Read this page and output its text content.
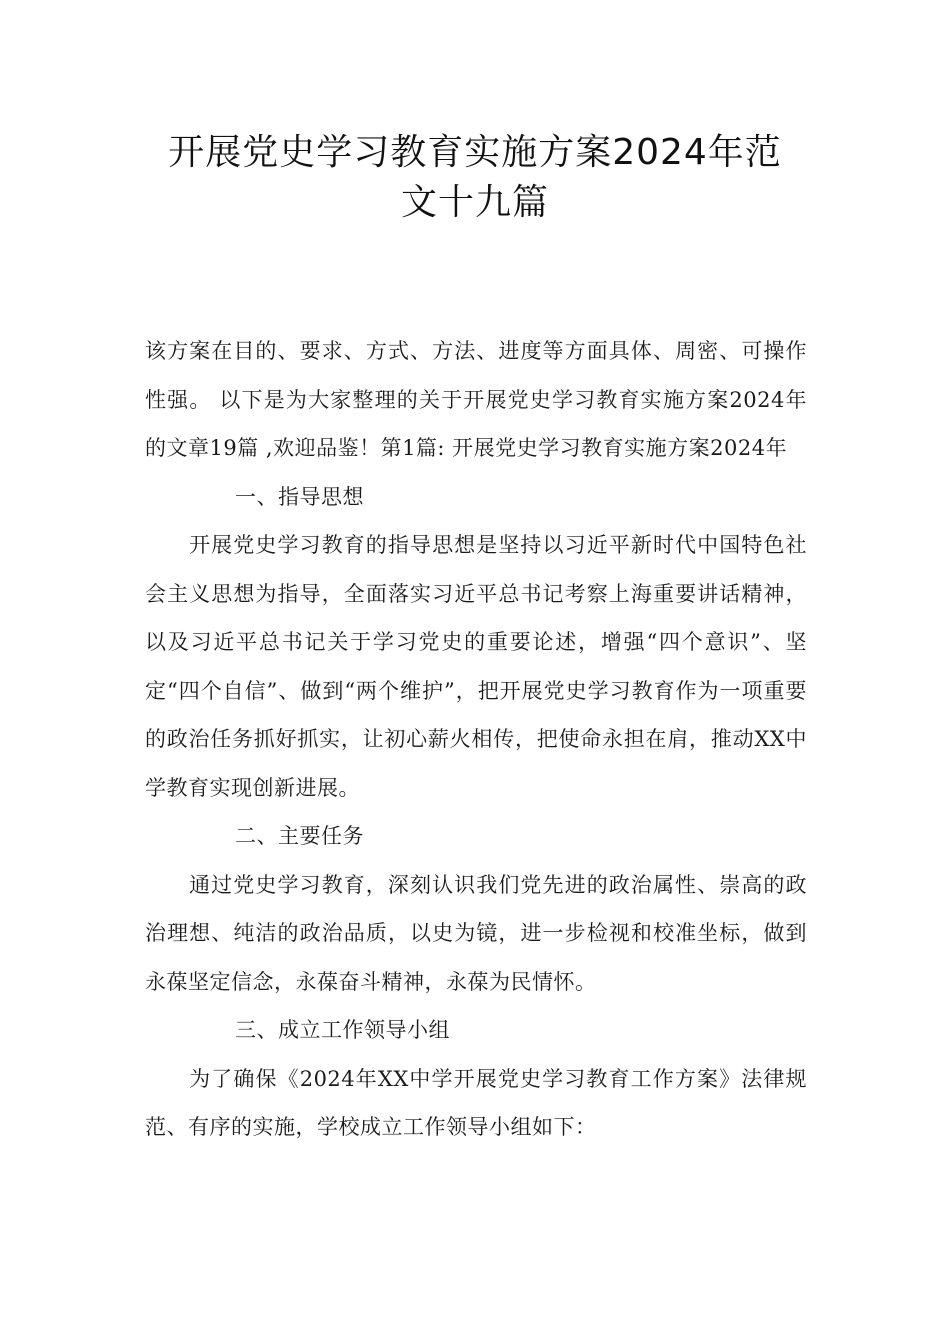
开展党史学习教育实施方案2024年范
文十九篇

该方案在目的、要求、方式、方法、进度等方面具体、周密、可操作性强。 以下是为大家整理的关于开展党史学习教育实施方案2024年的文章19篇 ,欢迎品鉴！第1篇: 开展党史学习教育实施方案2024年

一、指导思想

开展党史学习教育的指导思想是坚持以习近平新时代中国特色社会主义思想为指导，全面落实习近平总书记考察上海重要讲话精神，以及习近平总书记关于学习党史的重要论述，增强“四个意识”、坚定“四个自信”、做到“两个维护”，把开展党史学习教育作为一项重要的政治任务抓好抓实，让初心薪火相传，把使命永担在肩，推动XX中学教育实现创新进展。

二、主要任务

通过党史学习教育，深刻认识我们党先进的政治属性、崇高的政治理想、纯洁的政治品质，以史为镜，进一步检视和校准坐标，做到永葆坚定信念，永葆奋斗精神，永葆为民情怀。

三、成立工作领导小组

为了确保《2024年XX中学开展党史学习教育工作方案》法律规范、有序的实施，学校成立工作领导小组如下：
